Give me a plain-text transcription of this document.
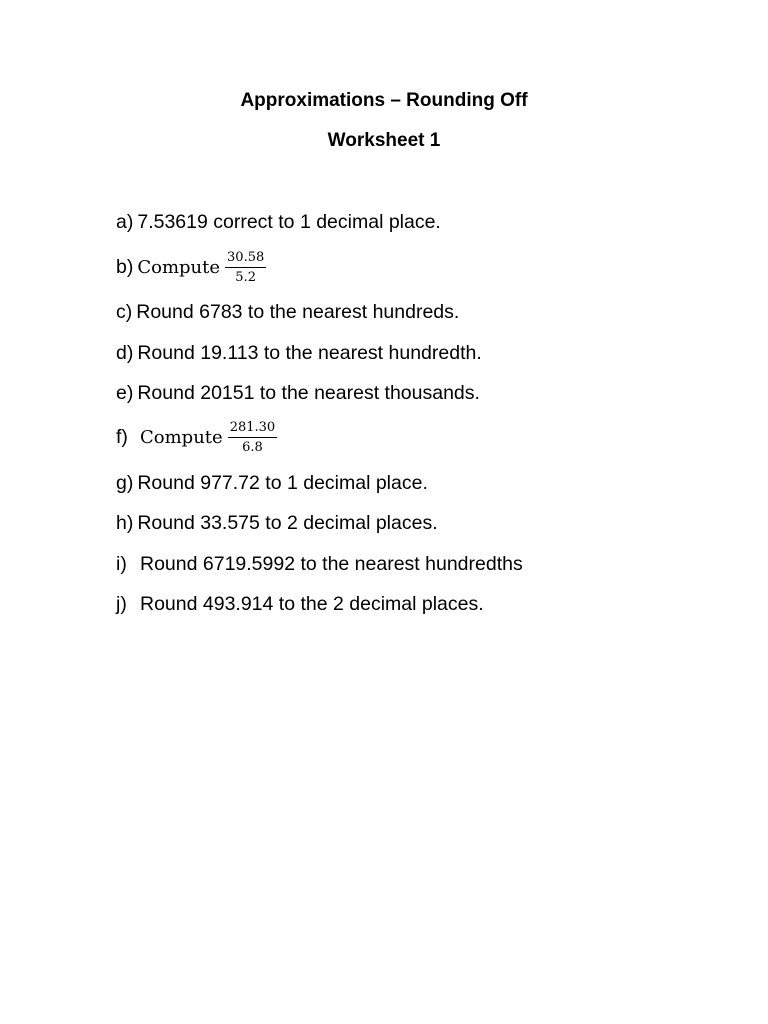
Approximations – Rounding Off
Worksheet 1
a) 7.53619 correct to 1 decimal place.
b) Compute $\frac{30.58}{5.2}$
c) Round 6783 to the nearest hundreds.
d) Round 19.113 to the nearest hundredth.
e) Round 20151 to the nearest thousands.
f) Compute $\frac{281.30}{6.8}$
g) Round 977.72 to 1 decimal place.
h) Round 33.575 to 2 decimal places.
i) Round 6719.5992 to the nearest hundredths
j) Round 493.914 to the 2 decimal places.
